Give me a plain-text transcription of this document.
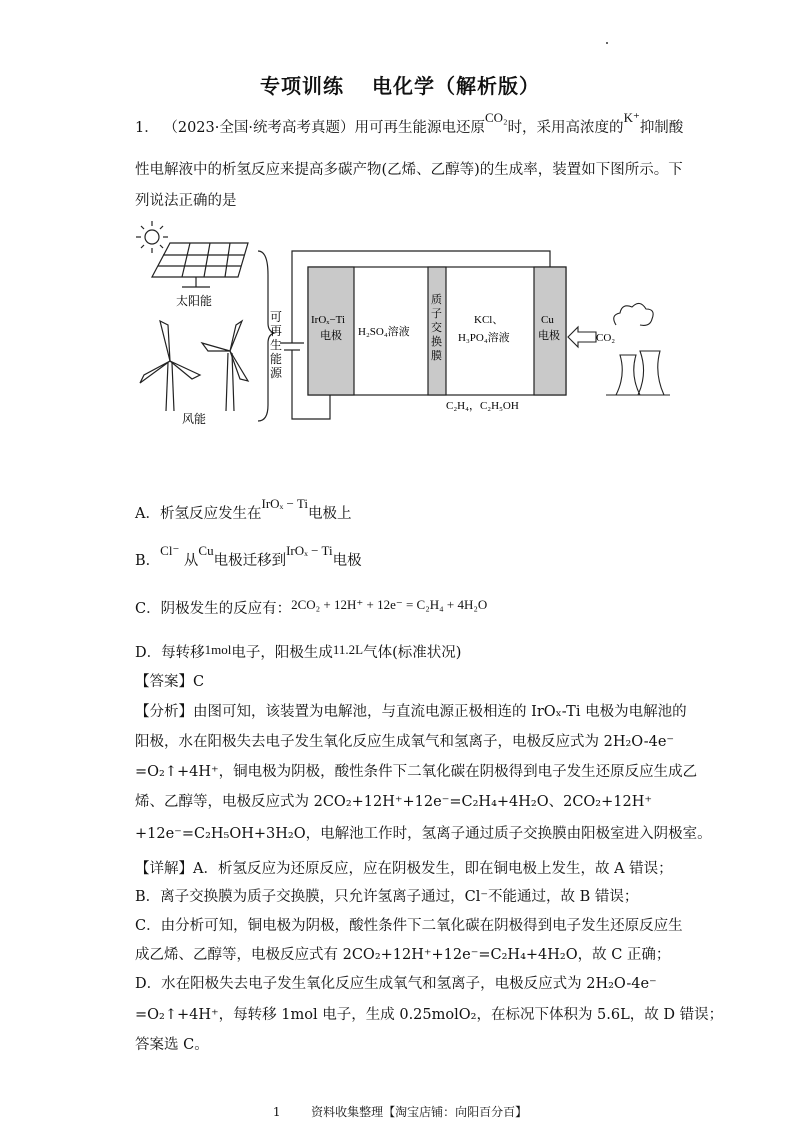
专项训练 电化学（解析版）
1． （2023·全国·统考高考真题）用可再生能源电还原CO₂时，采用高浓度的K⁺抑制酸
性电解液中的析氢反应来提高多碳产物(乙烯、乙醇等)的生成率，装置如下图所示。下
列说法正确的是
太阳能
风能
可再生能源
IrOₓ−Ti
电极 H₂SO₄溶液
质子交换膜
KCl、
H₃PO₄溶液
Cu
电极	CO₂
C₂H₄，C₂H₅OH
A．析氢反应发生在IrOₓ − Ti电极上
B．Cl⁻ 从Cu电极迁移到IrOₓ − Ti电极
C．阴极发生的反应有：2CO₂ + 12H⁺ + 12e⁻ = C₂H₄ + 4H₂O
D．每转移1mol电子，阳极生成11.2L气体(标准状况)
【答案】C
【分析】由图可知，该装置为电解池，与直流电源正极相连的 IrOₓ-Ti 电极为电解池的
阳极，水在阳极失去电子发生氧化反应生成氧气和氢离子，电极反应式为 2H₂O-4e⁻
=O₂↑+4H⁺，铜电极为阴极，酸性条件下二氧化碳在阴极得到电子发生还原反应生成乙
烯、乙醇等，电极反应式为 2CO₂+12H⁺+12e⁻=C₂H₄+4H₂O、2CO₂+12H⁺
+12e⁻=C₂H₅OH+3H₂O，电解池工作时，氢离子通过质子交换膜由阳极室进入阴极室。
【详解】A．析氢反应为还原反应，应在阴极发生，即在铜电极上发生，故 A 错误；
B．离子交换膜为质子交换膜，只允许氢离子通过，Cl⁻不能通过，故 B 错误；
C．由分析可知，铜电极为阴极，酸性条件下二氧化碳在阴极得到电子发生还原反应生
成乙烯、乙醇等，电极反应式有 2CO₂+12H⁺+12e⁻=C₂H₄+4H₂O，故 C 正确；
D．水在阳极失去电子发生氧化反应生成氧气和氢离子，电极反应式为 2H₂O-4e⁻
=O₂↑+4H⁺，每转移 1mol 电子，生成 0.25molO₂，在标况下体积为 5.6L，故 D 错误；
答案选 C。
1	资料收集整理【淘宝店铺：向阳百分百】
